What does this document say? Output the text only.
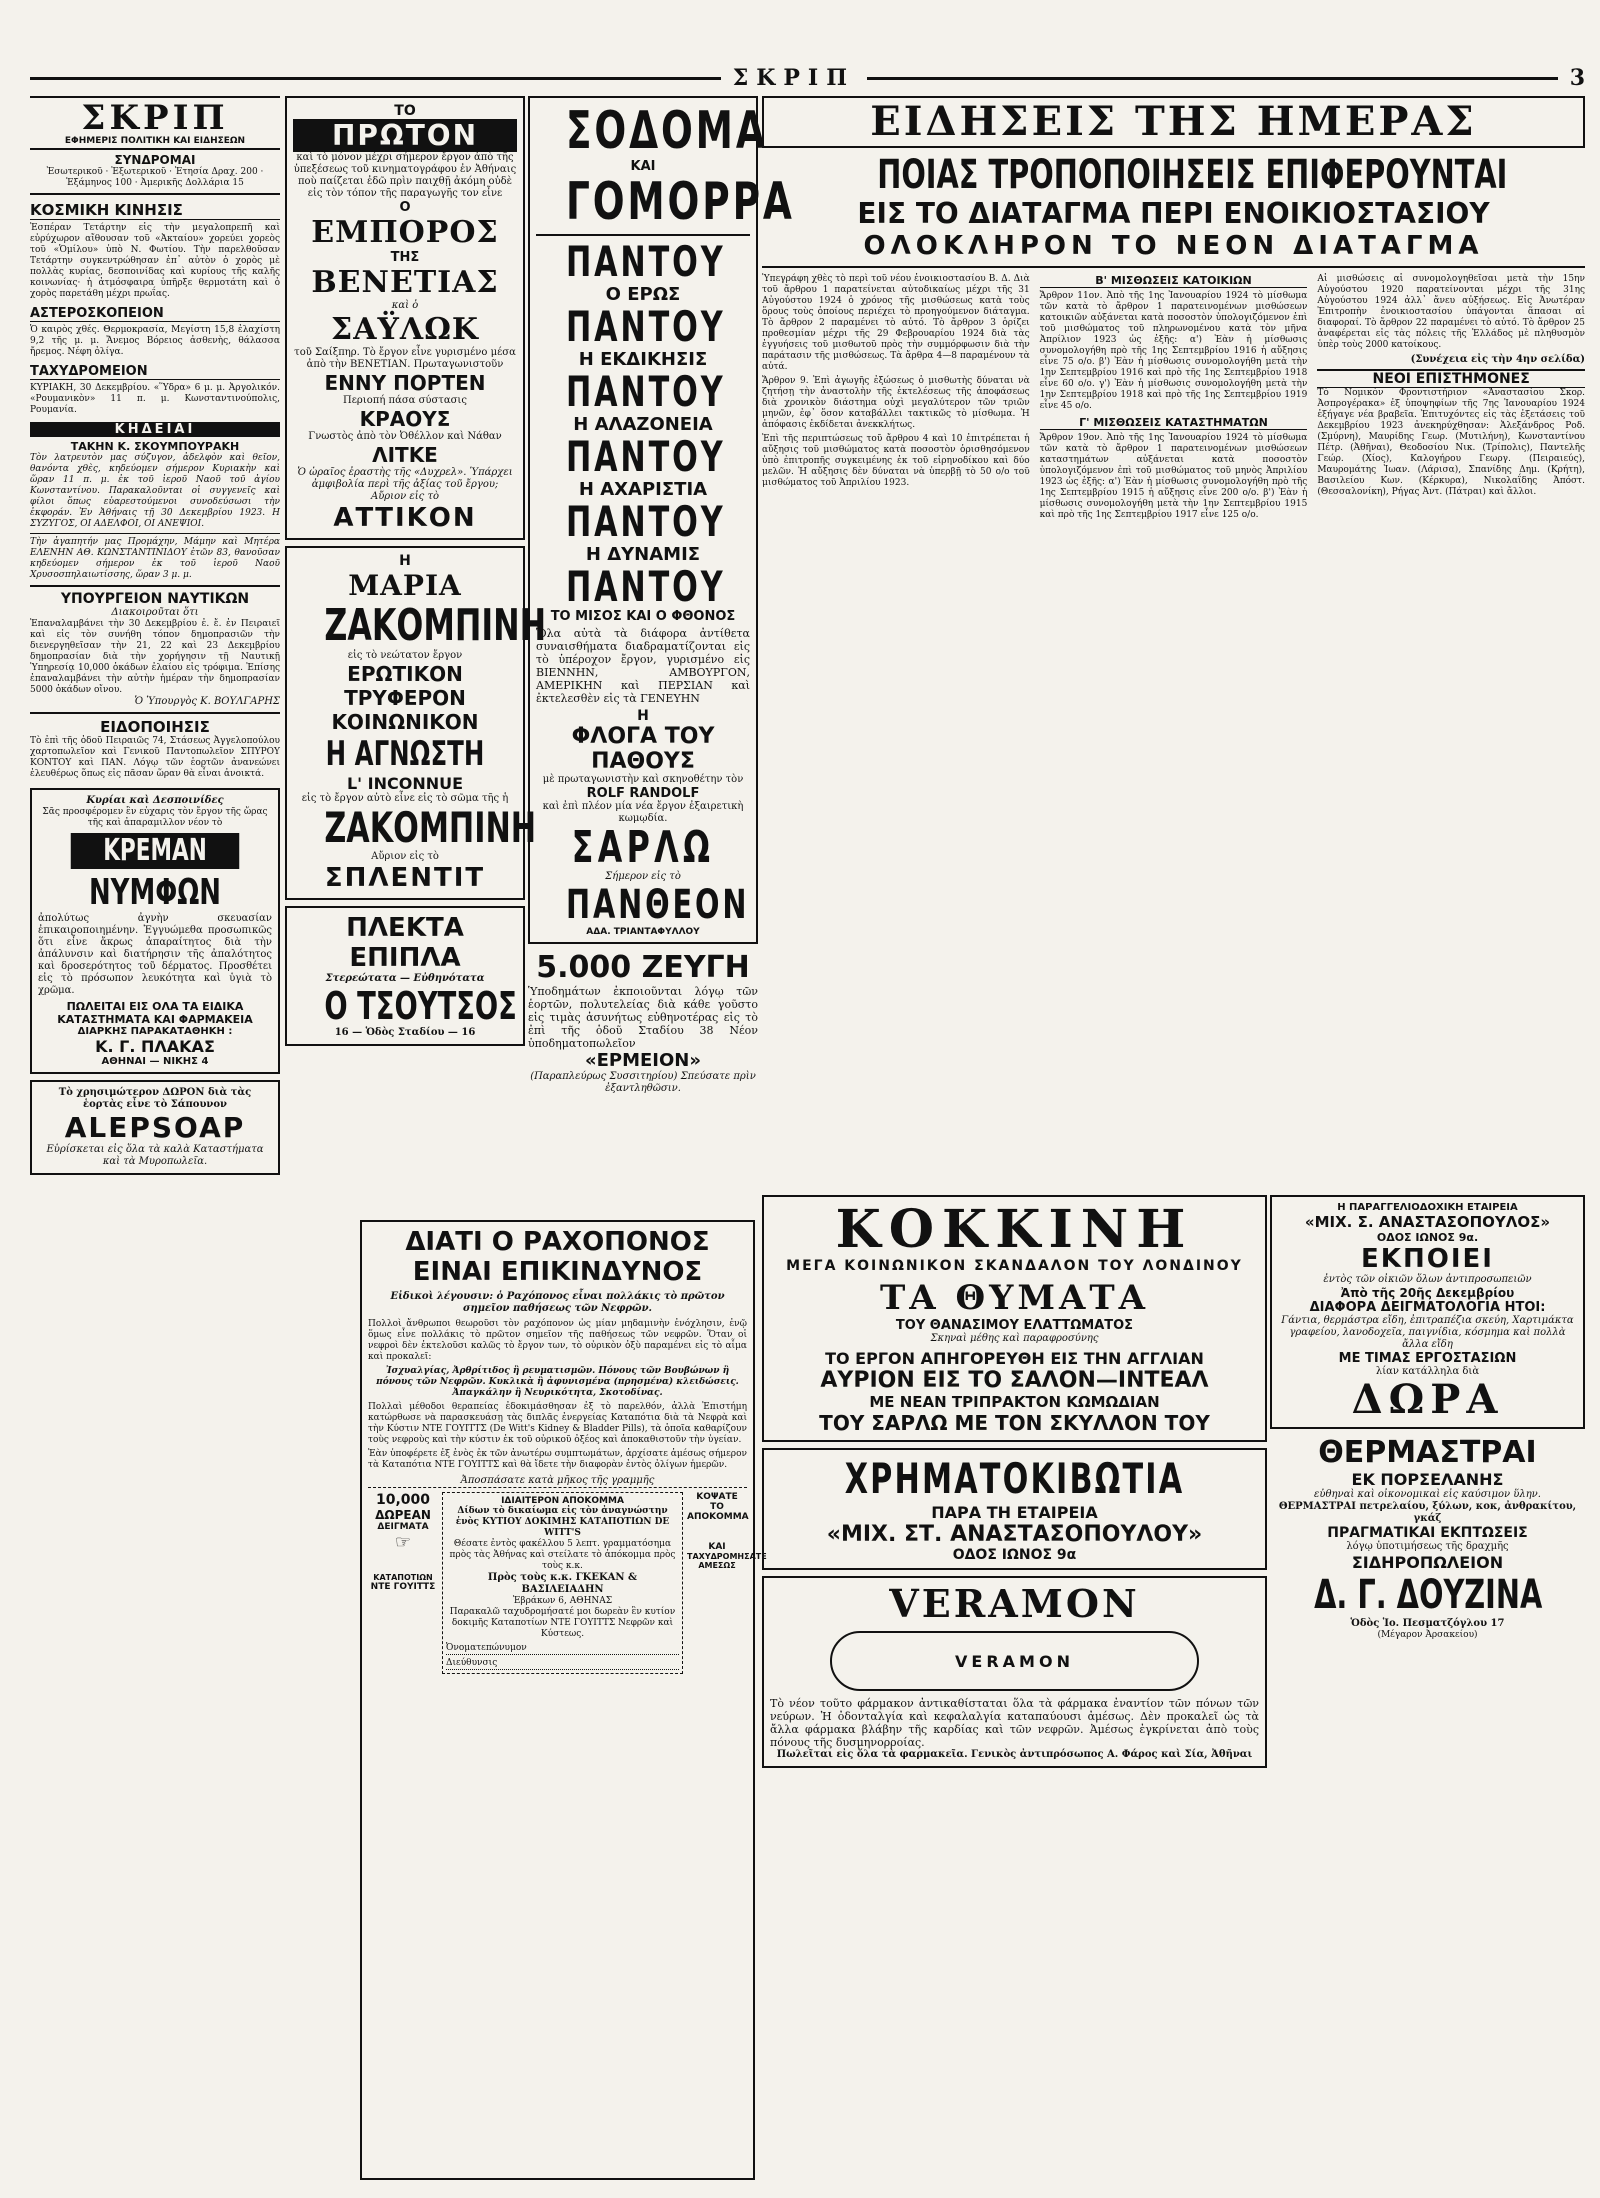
ΣΚΡΙΠ	3
ΣΚΡΙΠ
ΕΦΗΜΕΡΙΣ ΠΟΛΙΤΙΚΗ ΚΑΙ ΕΙΔΗΣΕΩΝ
ΣΥΝΔΡΟΜΑΙ
Ἐσωτερικοῦ · Ἐξωτερικοῦ · Ἐτησία Δραχ. 200 · Ἑξάμηνος 100 · Ἀμερικῆς Δολλάρια 15
ΚΟΣΜΙΚΗ ΚΙΝΗΣΙΣ
Ἐσπέραν Τετάρτην εἰς τὴν μεγαλοπρεπῆ καὶ εὐρύχωρον αἴθουσαν τοῦ «Ἀκταίου» χορεύει χορεὸς τοῦ «Ὁμίλου» ὑπὸ Ν. Φωτίου. Τὴν παρελθοῦσαν Τετάρτην συγκεντρώθησαν ἐπ᾽ αὐτὸν ὁ χορὸς μὲ πολλὰς κυρίας, δεσποινίδας καὶ κυρίους τῆς καλῆς κοινωνίας· ἡ ἀτμόσφαιρα ὑπῆρξε θερμοτάτη καὶ ὁ χορὸς παρετάθη μέχρι πρωΐας.
ΑΣΤΕΡΟΣΚΟΠΕΙΟΝ
Ὁ καιρὸς χθές. Θερμοκρασία, Μεγίστη 15,8 ἐλαχίστη 9,2 τῆς μ. μ. Ἄνεμος Βόρειος ἀσθενὴς, θάλασσα ἤρεμος. Νέφη ὀλίγα.
ΤΑΧΥΔΡΟΜΕΙΟΝ
ΚΥΡΙΑΚΗ, 30 Δεκεμβρίου. «Ὕδρα» 6 μ. μ. Ἀργολικόν. «Ρουμανικὸν» 11 π. μ. Κωνσταντινούπολις, Ρουμανία.
ΚΗΔΕΙΑΙ
ΤΑΚΗΝ Κ. ΣΚΟΥΜΠΟΥΡΑΚΗ
Τὸν λατρευτὸν μας σύζυγον, ἀδελφὸν καὶ θεῖον, θανόντα χθὲς, κηδεύομεν σήμερον Κυριακὴν καὶ ὥραν 11 π. μ. ἐκ τοῦ ἱεροῦ Ναοῦ τοῦ ἁγίου Κωνσταντίνου. Παρακαλοῦνται οἱ συγγενεῖς καὶ φίλοι ὅπως εὐαρεστούμενοι συνοδεύσωσι τὴν ἐκφοράν. Ἐν Ἀθήναις τῇ 30 Δεκεμβρίου 1923. Η ΣΥΖΥΓΟΣ, ΟΙ ΑΔΕΛΦΟΙ, ΟΙ ΑΝΕΨΙΟΙ.
Τὴν ἀγαπητήν μας Προμάχην, Μάμην καὶ Μητέρα ΕΛΕΝΗΝ ΑΘ. ΚΩΝΣΤΑΝΤΙΝΙΔΟΥ ἐτῶν 83, θανοῦσαν κηδεύομεν σήμερον ἐκ τοῦ ἱεροῦ Ναοῦ Χρυσοσπηλαιωτίσσης, ὥραν 3 μ. μ.
ΥΠΟΥΡΓΕΙΟΝ ΝΑΥΤΙΚΩΝ
Διακοιροῦται ὅτι
Ἐπαναλαμβάνει τὴν 30 Δεκεμβρίου ἐ. ἔ. ἐν Πειραιεῖ καὶ εἰς τὸν συνήθη τόπον δημοπρασιῶν τὴν διενεργηθεῖσαν τὴν 21, 22 καὶ 23 Δεκεμβρίου δημοπρασίαν διὰ τὴν χορήγησιν τῇ Ναυτικῇ Ὑπηρεσίᾳ 10,000 ὀκάδων ἐλαίου εἰς τρόφιμα. Ἐπίσης ἐπαναλαμβάνει τὴν αὐτὴν ἡμέραν τὴν δημοπρασίαν 5000 ὀκάδων οἴνου.
Ὁ Ὑπουργὸς Κ. ΒΟΥΛΓΑΡΗΣ
ΕΙΔΟΠΟΙΗΣΙΣ
Τὸ ἐπὶ τῆς ὁδοῦ Πειραιῶς 74, Στάσεως Ἀγγελοπούλου χαρτοπωλεῖον καὶ Γενικοῦ Παντοπωλεῖον ΣΠΥΡΟΥ ΚΟΝΤΟΥ καὶ ΠΑΝ. Λόγῳ τῶν ἑορτῶν ἀνανεώνει ἐλευθέρως ὅπως εἰς πᾶσαν ὥραν θὰ εἶναι ἀνοικτά.
Κυρίαι καὶ Δεσποινίδες
Σᾶς προσφέρομεν ἓν εὐχαρις τὸν ἔργον τῆς ὥρας τῆς καὶ ἀπαραμιλλον νέον τὸ
ΚΡΕΜΑΝ
ΝΥΜΦΩΝ
ἀπολύτως ἀγνὴν σκευασίαν ἐπικαιροποιημένην. Ἐγγυώμεθα προσωπικῶς ὅτι εἶνε ἄκρως ἀπαραίτητος διὰ τὴν ἀπάλυνσιν καὶ διατήρησιν τῆς ἀπαλότητος καὶ δροσερότητος τοῦ δέρματος. Προσθέτει εἰς τὸ πρόσωπον λευκότητα καὶ ὑγιὰ τὸ χρῶμα.
ΠΩΛΕΙΤΑΙ ΕΙΣ ΟΛΑ ΤΑ ΕΙΔΙΚΑ ΚΑΤΑΣΤΗΜΑΤΑ ΚΑΙ ΦΑΡΜΑΚΕΙΑ
ΔΙΑΡΚΗΣ ΠΑΡΑΚΑΤΑΘΗΚΗ :
Κ. Γ. ΠΛΑΚΑΣ
ΑΘΗΝΑΙ — ΝΙΚΗΣ 4
Τὸ χρησιμώτερον ΔΩΡΟΝ διὰ τὰς ἑορτὰς εἶνε τὸ Σάπουνον
ALEPSOAP
Εὑρίσκεται εἰς ὅλα τὰ καλὰ Καταστήματα καὶ τὰ Μυροπωλεῖα.
ΤΟ
ΠΡΩΤΟΝ
καὶ τὸ μόνον μέχρι σήμερον ἔργον ἀπὸ τῆς ὑπεξέσεως τοῦ κινηματογράφου ἐν Ἀθήναις ποὺ παίζεται ἐδῶ πρὶν παιχθῇ ἀκόμη οὐδὲ εἰς τὸν τόπον τῆς παραγωγῆς τον εἶνε
Ο
ΕΜΠΟΡΟΣ
ΤΗΣ
ΒΕΝΕΤΙΑΣ
καὶ ὁ
ΣΑΫΛΩΚ
τοῦ Σαίξπηρ. Τὸ ἔργον εἶνε γυρισμένο μέσα ἀπὸ τὴν ΒΕΝΕΤΙΑΝ. Πρωταγωνιστοῦν
ΕΝΝΥ ΠΟΡΤΕΝ
Περιοπή πάσα σύστασις
ΚΡΑΟΥΣ
Γνωστὸς ἀπὸ τὸν Ὀθέλλον καὶ Νάθαν
ΛΙΤΚΕ
Ὁ ὡραῖος ἐραστὴς τῆς «Δυχρελ». Ὑπάρχει ἀμφιβολία περὶ τῆς ἀξίας τοῦ ἔργου; Αὔριον εἰς τὸ
ΑΤΤΙΚΟΝ
Η
ΜΑΡΙΑ
ΖΑΚΟΜΠΙΝΗ
εἰς τὸ νεώτατον ἔργον
ΕΡΩΤΙΚΟΝ
ΤΡΥΦΕΡΟΝ
ΚΟΙΝΩΝΙΚΟΝ
Η ΑΓΝΩΣΤΗ
L' INCONNUE
εἰς τὸ ἔργον αὐτὸ εἶνε εἰς τὸ σῶμα τῆς ἡ
ΖΑΚΟΜΠΙΝΗ
Αὔριον εἰς τὸ
ΣΠΛΕΝΤΙΤ
ΠΛΕΚΤΑ ΕΠΙΠΛΑ
Στερεώτατα — Εὐθηνότατα
Ο ΤΣΟΥΤΣΟΣ
16 — Ὁδὸς Σταδίου — 16
ΣΟΔΟΜΑ
ΚΑΙ
ΓΟΜΟΡΡΑ
ΠΑΝΤΟΥ
Ο ΕΡΩΣ
ΠΑΝΤΟΥ
Η ΕΚΔΙΚΗΣΙΣ
ΠΑΝΤΟΥ
Η ΑΛΑΖΟΝΕΙΑ
ΠΑΝΤΟΥ
Η ΑΧΑΡΙΣΤΙΑ
ΠΑΝΤΟΥ
Η ΔΥΝΑΜΙΣ
ΠΑΝΤΟΥ
ΤΟ ΜΙΣΟΣ ΚΑΙ Ο ΦΘΟΝΟΣ
Ὅλα αὐτὰ τὰ διάφορα ἀντίθετα συναισθήματα διαδραματίζονται εἰς τὸ ὑπέροχον ἔργον, γυρισμένο εἰς ΒΙΕΝΝΗΝ, ΑΜΒΟΥΡΓΟΝ, ΑΜΕΡΙΚΗΝ καὶ ΠΕΡΣΙΑΝ καὶ ἐκτελεσθὲν εἰς τὰ ΓΕΝΕΥΗΝ
Η
ΦΛΟΓΑ ΤΟΥ ΠΑΘΟΥΣ
μὲ πρωταγωνιστὴν καὶ σκηνοθέτην τὸν
ROLF RANDOLF
καὶ ἐπὶ πλέον μία νέα ἔργον ἐξαιρετικὴ κωμῳδία.
ΣΑΡΛΩ
Σήμερον εἰς τὸ
ΠΑΝΘΕΟΝ
ΑΔΑ. ΤΡΙΑΝΤΑΦΥΛΛΟΥ
5.000 ΖΕΥΓΗ
Ὑποδημάτων ἐκποιοῦνται λόγῳ τῶν ἑορτῶν, πολυτελείας διὰ κάθε γοῦστο εἰς τιμὰς ἀσυνήτως εὐθηνοτέρας εἰς τὸ ἐπὶ τῆς ὁδοῦ Σταδίου 38 Νέον ὑποδηματοπωλεῖον
«ΕΡΜΕΙΟΝ»
(Παραπλεύρως Συσσιτηρίου) Σπεύσατε πρὶν ἐξαντληθῶσιν.
ΕΙΔΗΣΕΙΣ ΤΗΣ ΗΜΕΡΑΣ
ΠΟΙΑΣ ΤΡΟΠΟΠΟΙΗΣΕΙΣ ΕΠΙΦΕΡΟΥΝΤΑΙ
ΕΙΣ ΤΟ ΔΙΑΤΑΓΜΑ ΠΕΡΙ ΕΝΟΙΚΙΟΣΤΑΣΙΟΥ
ΟΛΟΚΛΗΡΟΝ ΤΟ ΝΕΟΝ ΔΙΑΤΑΓΜΑ
Ὑπεγράφη χθὲς τὸ περὶ τοῦ νέου ἐνοικιοστασίου Β. Δ. Διὰ τοῦ ἄρθρου 1 παρατείνεται αὐτοδικαίως μέχρι τῆς 31 Αὐγούστου 1924 ὁ χρόνος τῆς μισθώσεως κατὰ τοὺς ὅρους τοὺς ὁποίους περιέχει τὸ προηγούμενον διάταγμα. Τὸ ἄρθρον 2 παραμένει τὸ αὐτό. Τὸ ἄρθρον 3 ὁρίζει προθεσμίαν μέχρι τῆς 29 Φεβρουαρίου 1924 διὰ τὰς ἐγγυήσεις τοῦ μισθωτοῦ πρὸς τὴν συμμόρφωσιν διὰ τὴν παράτασιν τῆς μισθώσεως. Τὰ ἄρθρα 4—8 παραμένουν τὰ αὐτά.
Ἄρθρον 9. Ἐπὶ ἀγωγῆς ἐξώσεως ὁ μισθωτὴς δύναται νὰ ζητήσῃ τὴν ἀναστολὴν τῆς ἐκτελέσεως τῆς ἀποφάσεως διὰ χρονικὸν διάστημα οὐχὶ μεγαλύτερον τῶν τριῶν μηνῶν, ἐφ᾽ ὅσον καταβάλλει τακτικῶς τὸ μίσθωμα. Ἡ ἀπόφασις ἐκδίδεται ἀνεκκλήτως.
Ἐπὶ τῆς περιπτώσεως τοῦ ἄρθρου 4 καὶ 10 ἐπιτρέπεται ἡ αὔξησις τοῦ μισθώματος κατὰ ποσοστὸν ὁρισθησόμενον ὑπὸ ἐπιτροπῆς συγκειμένης ἐκ τοῦ εἰρηνοδίκου καὶ δύο μελῶν. Ἡ αὔξησις δὲν δύναται νὰ ὑπερβῇ τὸ 50 ο/ο τοῦ μισθώματος τοῦ Ἀπριλίου 1923.
Β' ΜΙΣΘΩΣΕΙΣ ΚΑΤΟΙΚΙΩΝ
Ἄρθρον 11ον. Ἀπὸ τῆς 1ης Ἰανουαρίου 1924 τὸ μίσθωμα τῶν κατὰ τὸ ἄρθρον 1 παρατεινομένων μισθώσεων κατοικιῶν αὐξάνεται κατὰ ποσοστὸν ὑπολογιζόμενον ἐπὶ τοῦ μισθώματος τοῦ πληρωνομένου κατὰ τὸν μῆνα Ἀπρίλιον 1923 ὡς ἑξῆς: α') Ἐὰν ἡ μίσθωσις συνομολογήθη πρὸ τῆς 1ης Σεπτεμβρίου 1916 ἡ αὔξησις εἶνε 75 ο/ο. β') Ἐὰν ἡ μίσθωσις συνομολογήθη μετὰ τὴν 1ην Σεπτεμβρίου 1916 καὶ πρὸ τῆς 1ης Σεπτεμβρίου 1918 εἶνε 60 ο/ο. γ') Ἐὰν ἡ μίσθωσις συνομολογήθη μετὰ τὴν 1ην Σεπτεμβρίου 1918 καὶ πρὸ τῆς 1ης Σεπτεμβρίου 1919 εἶνε 45 ο/ο.
Γ' ΜΙΣΘΩΣΕΙΣ ΚΑΤΑΣΤΗΜΑΤΩΝ
Ἄρθρον 19ον. Ἀπὸ τῆς 1ης Ἰανουαρίου 1924 τὸ μίσθωμα τῶν κατὰ τὸ ἄρθρον 1 παρατεινομένων μισθώσεων καταστημάτων αὐξάνεται κατὰ ποσοστὸν ὑπολογιζόμενον ἐπὶ τοῦ μισθώματος τοῦ μηνὸς Ἀπριλίου 1923 ὡς ἑξῆς: α') Ἐὰν ἡ μίσθωσις συνομολογήθη πρὸ τῆς 1ης Σεπτεμβρίου 1915 ἡ αὔξησις εἶνε 200 ο/ο. β') Ἐὰν ἡ μίσθωσις συνομολογήθη μετὰ τὴν 1ην Σεπτεμβρίου 1915 καὶ πρὸ τῆς 1ης Σεπτεμβρίου 1917 εἶνε 125 ο/ο.
Αἱ μισθώσεις αἱ συνομολογηθεῖσαι μετὰ τὴν 15ην Αὐγούστου 1920 παρατείνονται μέχρι τῆς 31ης Αὐγούστου 1924 ἀλλ᾽ ἄνευ αὐξήσεως. Εἰς Ἀνωτέραν Ἐπιτροπὴν ἐνοικιοστασίου ὑπάγονται ἅπασαι αἱ διαφοραί. Τὸ ἄρθρον 22 παραμένει τὸ αὐτό. Τὸ ἄρθρον 25 ἀναφέρεται εἰς τὰς πόλεις τῆς Ἑλλάδος μὲ πληθυσμὸν ὑπὲρ τοὺς 2000 κατοίκους.
(Συνέχεια εἰς τὴν 4ην σελίδα)
ΝΕΟΙ ΕΠΙΣΤΗΜΟΝΕΣ
Τὸ Νομικὸν Φροντιστήριον «Ἀναστασίου Σκορ. Ἀσπρογέρακα» ἐξ ὑποψηφίων τῆς 7ης Ἰανουαρίου 1924 ἐξήγαγε νέα βραβεῖα. Ἐπιτυχόντες εἰς τὰς ἐξετάσεις τοῦ Δεκεμβρίου 1923 ἀνεκηρύχθησαν: Ἀλεξάνδρος Ροδ. (Σμύρνη), Μαυρίδης Γεωρ. (Μυτιλήνη), Κωνσταντίνου Πέτρ. (Ἀθῆναι), Θεοδοσίου Νικ. (Τρίπολις), Παντελῆς Γεώρ. (Χίος), Καλογήρου Γεωργ. (Πειραιεύς), Μαυρομάτης Ἰωαν. (Λάρισα), Σπανίδης Δημ. (Κρήτη), Βασιλείου Κων. (Κέρκυρα), Νικολαΐδης Ἀπόστ. (Θεσσαλονίκη), Ρήγας Ἀντ. (Πάτραι) καὶ ἄλλοι.
ΔΙΑΤΙ Ο ΡΑΧΟΠΟΝΟΣ
ΕΙΝΑΙ ΕΠΙΚΙΝΔΥΝΟΣ
Εἰδικοὶ λέγουσιν: ὁ Ραχόπονος εἶναι πολλάκις τὸ πρῶτον σημεῖον παθήσεως τῶν Νεφρῶν.
Πολλοὶ ἄνθρωποι θεωροῦσι τὸν ραχόπονον ὡς μίαν μηδαμινὴν ἐνόχλησιν, ἐνῷ ὅμως εἶνε πολλάκις τὸ πρῶτον σημεῖον τῆς παθήσεως τῶν νεφρῶν. Ὅταν οἱ νεφροὶ δὲν ἐκτελοῦσι καλῶς τὸ ἔργον των, τὸ οὐρικὸν ὀξὺ παραμένει εἰς τὸ αἷμα καὶ προκαλεῖ:
Ἰσχυαλγίας, Ἀρθρίτιδος ἢ ρευματισμῶν. Πόνους τῶν Βουβώνων ἢ πόνους τῶν Νεφρῶν. Κυκλικὰ ἢ ἀφυνισμένα (πρησμένα) κλειδώσεις. Ἀπαγκάλην ἢ Νευρικότητα, Σκοτοδίνας.
Πολλαὶ μέθοδοι θεραπείας ἐδοκιμάσθησαν ἐξ τὸ παρελθόν, ἀλλὰ Ἐπιστήμη κατώρθωσε νὰ παρασκευάσῃ τὰς διπλᾶς ἐνεργείας Καταπότια διὰ τὰ Νεφρὰ καὶ τὴν Κύστιν ΝΤΕ ΓΟΥΙΤΤΣ (De Witt's Kidney & Bladder Pills), τὰ ὁποῖα καθαρίζουν τοὺς νεφροὺς καὶ τὴν κύστιν ἐκ τοῦ οὐρικοῦ ὀξέος καὶ ἀποκαθιστοῦν τὴν ὑγείαν.
Ἐὰν ὑποφέρετε ἐξ ἑνὸς ἐκ τῶν ἀνωτέρω συμπτωμάτων, ἀρχίσατε ἀμέσως σήμερον τὰ Καταπότια ΝΤΕ ΓΟΥΙΤΤΣ καὶ θὰ ἴδετε τὴν διαφορὰν ἐντὸς ὀλίγων ἡμερῶν.
Ἀποσπάσατε κατὰ μῆκος τῆς γραμμῆς
10,000
ΔΩΡΕΑΝ
ΔΕΙΓΜΑΤΑ
☞
ΚΑΤΑΠΟΤΙΩΝ
ΝΤΕ ΓΟΥΙΤΤΣ
ΙΔΙΑΙΤΕΡΟΝ ΑΠΟΚΟΜΜΑ
Δίδων τὸ δικαίωμα εἰς τὸν ἀναγνώστην ἑνὸς ΚΥΤΙΟΥ ΔΟΚΙΜΗΣ ΚΑΤΑΠΟΤΙΩΝ DE WITT'S
Θέσατε ἐντὸς φακέλλου 5 λεπτ. γραμματόσημα πρὸς τὰς Ἀθήνας καὶ στείλατε τὸ ἀπόκομμα πρὸς τοὺς κ.κ.
Πρὸς τοὺς κ.κ. ΓΚΕΚΑΝ & ΒΑΣΙΛΕΙΑΔΗΝ
Ἑβράκων 6, ΑΘΗΝΑΣ
Παρακαλῶ ταχυδρομήσατέ μοι δωρεὰν ἓν κυτίον δοκιμῆς Καταποτίων ΝΤΕ ΓΟΥΙΤΤΣ Νεφρῶν καὶ Κύστεως.
Ὀνοματεπώνυμον
Διεύθυνσις
ΚΟΨΑΤΕ
ΤΟ
ΑΠΟΚΟΜΜΑ
ΚΑΙ
ΤΑΧΥΔΡΟΜΗΣΑΤΕ ΑΜΕΣΩΣ
ΚΟΚΚΙΝΗ
ΜΕΓΑ ΚΟΙΝΩΝΙΚΟΝ ΣΚΑΝΔΑΛΟΝ ΤΟΥ ΛΟΝΔΙΝΟΥ
ΤΑ ΘΥΜΑΤΑ
ΤΟΥ ΘΑΝΑΣΙΜΟΥ ΕΛΑΤΤΩΜΑΤΟΣ
Σκηναὶ μέθης καὶ παραφροσύνης
ΤΟ ΕΡΓΟΝ ΑΠΗΓΟΡΕΥΘΗ ΕΙΣ ΤΗΝ ΑΓΓΛΙΑΝ
ΑΥΡΙΟΝ ΕΙΣ ΤΟ ΣΑΛΟΝ—ΙΝΤΕΑΛ
ΜΕ ΝΕΑΝ ΤΡΙΠΡΑΚΤΟΝ ΚΩΜΩΔΙΑΝ
ΤΟΥ ΣΑΡΛΩ ΜΕ ΤΟΝ ΣΚΥΛΛΟΝ ΤΟΥ
ΧΡΗΜΑΤΟΚΙΒΩΤΙΑ
ΠΑΡΑ ΤΗ ΕΤΑΙΡΕΙΑ
«ΜΙΧ. ΣΤ. ΑΝΑΣΤΑΣΟΠΟΥΛΟΥ»
ΟΔΟΣ ΙΩΝΟΣ 9α
VERAMON
VERAMON
Τὸ νέον τοῦτο φάρμακον ἀντικαθίσταται ὅλα τὰ φάρμακα ἐναντίον τῶν πόνων τῶν νεύρων. Ἡ ὀδονταλγία καὶ κεφαλαλγία καταπαύουσι ἀμέσως. Δὲν προκαλεῖ ὡς τὰ ἄλλα φάρμακα βλάβην τῆς καρδίας καὶ τῶν νεφρῶν. Ἀμέσως ἐγκρίνεται ἀπὸ τοὺς πόνους τῆς δυσμηνορροίας.
Πωλεῖται εἰς ὅλα τὰ φαρμακεῖα. Γενικὸς ἀντιπρόσωπος Α. Φάρος καὶ Σία, Ἀθῆναι
Η ΠΑΡΑΓΓΕΛΙΟΔΟΧΙΚΗ ΕΤΑΙΡΕΙΑ
«ΜΙΧ. Σ. ΑΝΑΣΤΑΣΟΠΟΥΛΟΣ»
ΟΔΟΣ ΙΩΝΟΣ 9α.
ΕΚΠΟΙΕΙ
ἐντὸς τῶν οἰκιῶν ὅλων ἀντιπροσωπειῶν
Ἀπὸ τῆς 20ῆς Δεκεμβρίου
ΔΙΑΦΟΡΑ ΔΕΙΓΜΑΤΟΛΟΓΙΑ ΗΤΟΙ:
Γάντια, θερμάστρα εἴδη, ἐπιτραπέζια σκεύη, Χαρτιμάκτα γραφείου, λανοδοχεῖα, παιγνίδια, κόσμημα καὶ πολλὰ ἄλλα εἴδη
ΜΕ ΤΙΜΑΣ ΕΡΓΟΣΤΑΣΙΩΝ
λίαν κατάλληλα διὰ
ΔΩΡΑ
ΘΕΡΜΑΣΤΡΑΙ
ΕΚ ΠΟΡΣΕΛΑΝΗΣ
εὐθηναὶ καὶ οἰκονομικαὶ εἰς καύσιμον ὕλην.
ΘΕΡΜΑΣΤΡΑΙ πετρελαίου, ξύλων, κοκ, ἀνθρακίτου, γκάζ
ΠΡΑΓΜΑΤΙΚΑΙ ΕΚΠΤΩΣΕΙΣ
λόγῳ ὑποτιμήσεως τῆς δραχμῆς
ΣΙΔΗΡΟΠΩΛΕΙΟΝ
Δ. Γ. ΔΟΥΖΙΝΑ
Ὁδὸς Ἱο. Πεσματζόγλου 17
(Μέγαρον Ἀρσακείου)
